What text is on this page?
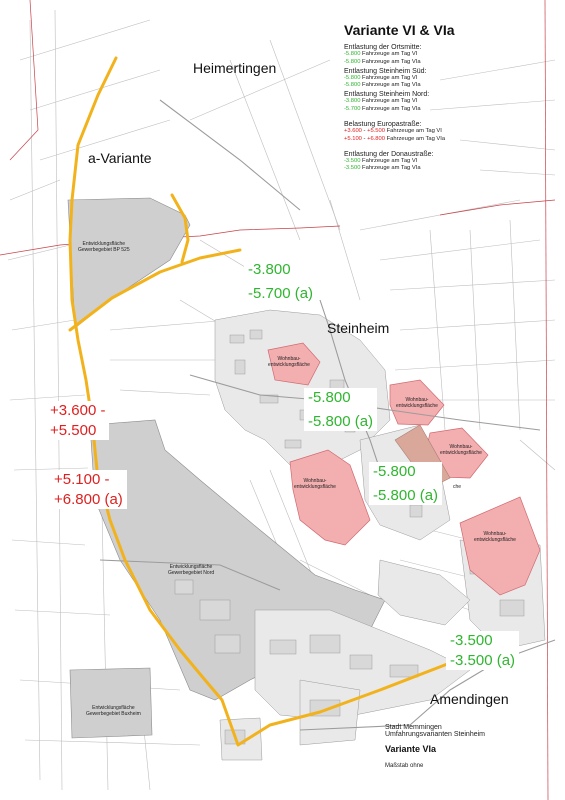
Heimertingen
a-Variante
Steinheim
Amendingen
Entwicklungsfläche
Gewerbegebiet BP 525
Entwicklungsfläche
Gewerbegebiet Nord
Entwicklungsfläche
Gewerbegebiet Buxheim
Wohnbau-
entwicklungsfläche
Wohnbau-
entwicklungsfläche
Wohnbau-
entwicklungsfläche
Wohnbau-
entwicklungsfläche
Wohnbau-
entwicklungsfläche
che
-3.800
-5.700 (a)
-5.800
-5.800 (a)
-5.800
-5.800 (a)
+3.600 -
+5.500
+5.100 -
+6.800 (a)
-3.500
-3.500 (a)
Variante VI & VIa
Entlastung der Ortsmitte:
-5.800 Fahrzeuge am Tag VI
-5.800 Fahrzeuge am Tag VIa
Entlastung Steinheim Süd:
-5.800 Fahrzeuge am Tag VI
-5.800 Fahrzeuge am Tag VIa
Entlastung Steinheim Nord:
-3.800 Fahrzeuge am Tag VI
-5.700 Fahrzeuge am Tag VIa
Belastung Europastraße:
+3.600 - +5.500 Fahrzeuge am Tag VI
+5.100 - +6.800 Fahrzeuge am Tag VIa
Entlastung der Donaustraße:
-3.500 Fahrzeuge am Tag VI
-3.500 Fahrzeuge am Tag VIa
Stadt Memmingen
Umfahrungsvarianten Steinheim
Variante VIa
Maßstab ohne
